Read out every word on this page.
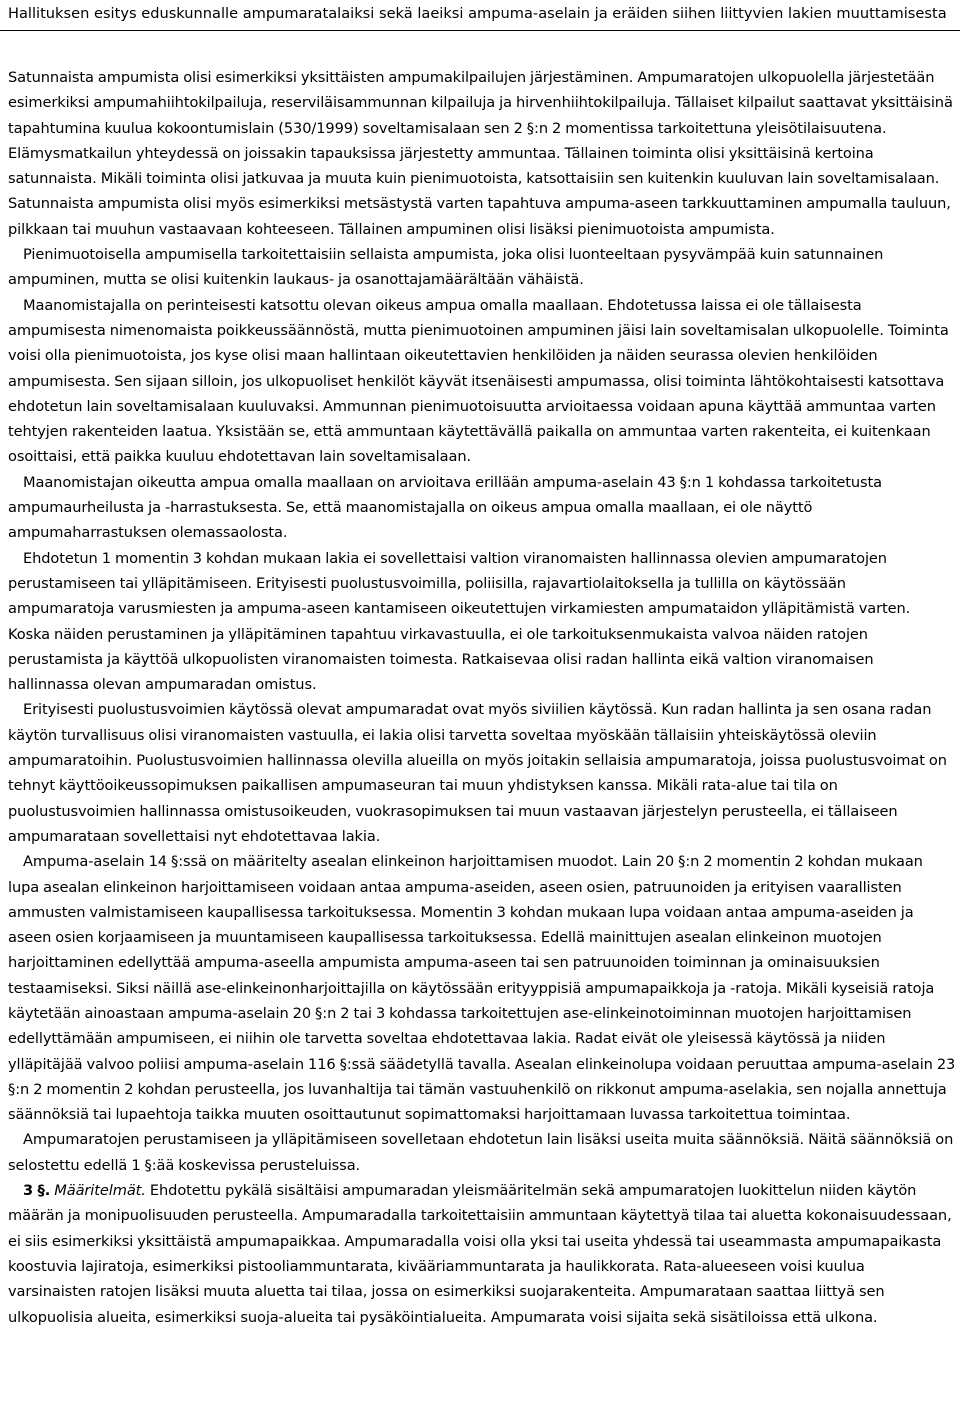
Hallituksen esitys eduskunnalle ampumaratalaiksi sekä laeiksi ampuma-aselain ja eräiden siihen liittyvien lakien muuttamisesta

Satunnaista ampumista olisi esimerkiksi yksittäisten ampumakilpailujen järjestäminen. Ampumaratojen ulkopuolella järjestetään esimerkiksi ampumahiihtokilpailuja, reserviläisammunnan kilpailuja ja hirvenhiihtokilpailuja. Tällaiset kilpailut saattavat yksittäisinä tapahtumina kuulua kokoontumislain (530/1999) soveltamisalaan sen 2 §:n 2 momentissa tarkoitettuna yleisötilaisuutena. Elämysmatkailun yhteydessä on joissakin tapauksissa järjestetty ammuntaa. Tällainen toiminta olisi yksittäisinä kertoina satunnaista. Mikäli toiminta olisi jatkuvaa ja muuta kuin pienimuotoista, katsottaisiin sen kuitenkin kuuluvan lain soveltamisalaan. Satunnaista ampumista olisi myös esimerkiksi metsästystä varten tapahtuva ampuma-aseen tarkkuuttaminen ampumalla tauluun, pilkkaan tai muuhun vastaavaan kohteeseen. Tällainen ampuminen olisi lisäksi pienimuotoista ampumista.

Pienimuotoisella ampumisella tarkoitettaisiin sellaista ampumista, joka olisi luonteeltaan pysyvämpää kuin satunnainen ampuminen, mutta se olisi kuitenkin laukaus- ja osanottajamäärältään vähäistä.

Maanomistajalla on perinteisesti katsottu olevan oikeus ampua omalla maallaan. Ehdotetussa laissa ei ole tällaisesta ampumisesta nimenomaista poikkeussäännöstä, mutta pienimuotoinen ampuminen jäisi lain soveltamisalan ulkopuolelle. Toiminta voisi olla pienimuotoista, jos kyse olisi maan hallintaan oikeutettavien henkilöiden ja näiden seurassa olevien henkilöiden ampumisesta. Sen sijaan silloin, jos ulkopuoliset henkilöt käyvät itsenäisesti ampumassa, olisi toiminta lähtökohtaisesti katsottava ehdotetun lain soveltamisalaan kuuluvaksi. Ammunnan pienimuotoisuutta arvioitaessa voidaan apuna käyttää ammuntaa varten tehtyjen rakenteiden laatua. Yksistään se, että ammuntaan käytettävällä paikalla on ammuntaa varten rakenteita, ei kuitenkaan osoittaisi, että paikka kuuluu ehdotettavan lain soveltamisalaan.

Maanomistajan oikeutta ampua omalla maallaan on arvioitava erillään ampuma-aselain 43 §:n 1 kohdassa tarkoitetusta ampumaurheilusta ja -harrastuksesta. Se, että maanomistajalla on oikeus ampua omalla maallaan, ei ole näyttö ampumaharrastuksen olemassaolosta.

Ehdotetun 1 momentin 3 kohdan mukaan lakia ei sovellettaisi valtion viranomaisten hallinnassa olevien ampumaratojen perustamiseen tai ylläpitämiseen. Erityisesti puolustusvoimilla, poliisilla, rajavartiolaitoksella ja tullilla on käytössään ampumaratoja varusmiesten ja ampuma-aseen kantamiseen oikeutettujen virkamiesten ampumataidon ylläpitämistä varten. Koska näiden perustaminen ja ylläpitäminen tapahtuu virkavastuulla, ei ole tarkoituksenmukaista valvoa näiden ratojen perustamista ja käyttöä ulkopuolisten viranomaisten toimesta. Ratkaisevaa olisi radan hallinta eikä valtion viranomaisen hallinnassa olevan ampumaradan omistus.

Erityisesti puolustusvoimien käytössä olevat ampumaradat ovat myös siviilien käytössä. Kun radan hallinta ja sen osana radan käytön turvallisuus olisi viranomaisten vastuulla, ei lakia olisi tarvetta soveltaa myöskään tällaisiin yhteiskäytössä oleviin ampumaratoihin. Puolustusvoimien hallinnassa olevilla alueilla on myös joitakin sellaisia ampumaratoja, joissa puolustusvoimat on tehnyt käyttöoikeussopimuksen paikallisen ampumaseuran tai muun yhdistyksen kanssa. Mikäli rata-alue tai tila on puolustusvoimien hallinnassa omistusoikeuden, vuokrasopimuksen tai muun vastaavan järjestelyn perusteella, ei tällaiseen ampumarataan sovellettaisi nyt ehdotettavaa lakia.

Ampuma-aselain 14 §:ssä on määritelty asealan elinkeinon harjoittamisen muodot. Lain 20 §:n 2 momentin 2 kohdan mukaan lupa asealan elinkeinon harjoittamiseen voidaan antaa ampuma-aseiden, aseen osien, patruunoiden ja erityisen vaarallisten ammusten valmistamiseen kaupallisessa tarkoituksessa. Momentin 3 kohdan mukaan lupa voidaan antaa ampuma-aseiden ja aseen osien korjaamiseen ja muuntamiseen kaupallisessa tarkoituksessa. Edellä mainittujen asealan elinkeinon muotojen harjoittaminen edellyttää ampuma-aseella ampumista ampuma-aseen tai sen patruunoiden toiminnan ja ominaisuuksien testaamiseksi. Siksi näillä ase-elinkeinonharjoittajilla on käytössään erityyppisiä ampumapaikkoja ja -ratoja. Mikäli kyseisiä ratoja käytetään ainoastaan ampuma-aselain 20 §:n 2 tai 3 kohdassa tarkoitettujen ase-elinkeinotoiminnan muotojen harjoittamisen edellyttämään ampumiseen, ei niihin ole tarvetta soveltaa ehdotettavaa lakia. Radat eivät ole yleisessä käytössä ja niiden ylläpitäjää valvoo poliisi ampuma-aselain 116 §:ssä säädetyllä tavalla. Asealan elinkeinolupa voidaan peruuttaa ampuma-aselain 23 §:n 2 momentin 2 kohdan perusteella, jos luvanhaltija tai tämän vastuuhenkilö on rikkonut ampuma-aselakia, sen nojalla annettuja säännöksiä tai lupaehtoja taikka muuten osoittautunut sopimattomaksi harjoittamaan luvassa tarkoitettua toimintaa.

Ampumaratojen perustamiseen ja ylläpitämiseen sovelletaan ehdotetun lain lisäksi useita muita säännöksiä. Näitä säännöksiä on selostettu edellä 1 §:ää koskevissa perusteluissa.

3 §. Määritelmät. Ehdotettu pykälä sisältäisi ampumaradan yleismääritelmän sekä ampumaratojen luokittelun niiden käytön määrän ja monipuolisuuden perusteella. Ampumaradalla tarkoitettaisiin ammuntaan käytettyä tilaa tai aluetta kokonaisuudessaan, ei siis esimerkiksi yksittäistä ampumapaikkaa. Ampumaradalla voisi olla yksi tai useita yhdessä tai useammasta ampumapaikasta koostuvia lajiratoja, esimerkiksi pistooliammuntarata, kivääriammuntarata ja haulikkorata. Rata-alueeseen voisi kuulua varsinaisten ratojen lisäksi muuta aluetta tai tilaa, jossa on esimerkiksi suojarakenteita. Ampumarataan saattaa liittyä sen ulkopuolisia alueita, esimerkiksi suoja-alueita tai pysäköintialueita. Ampumarata voisi sijaita sekä sisätiloissa että ulkona.
